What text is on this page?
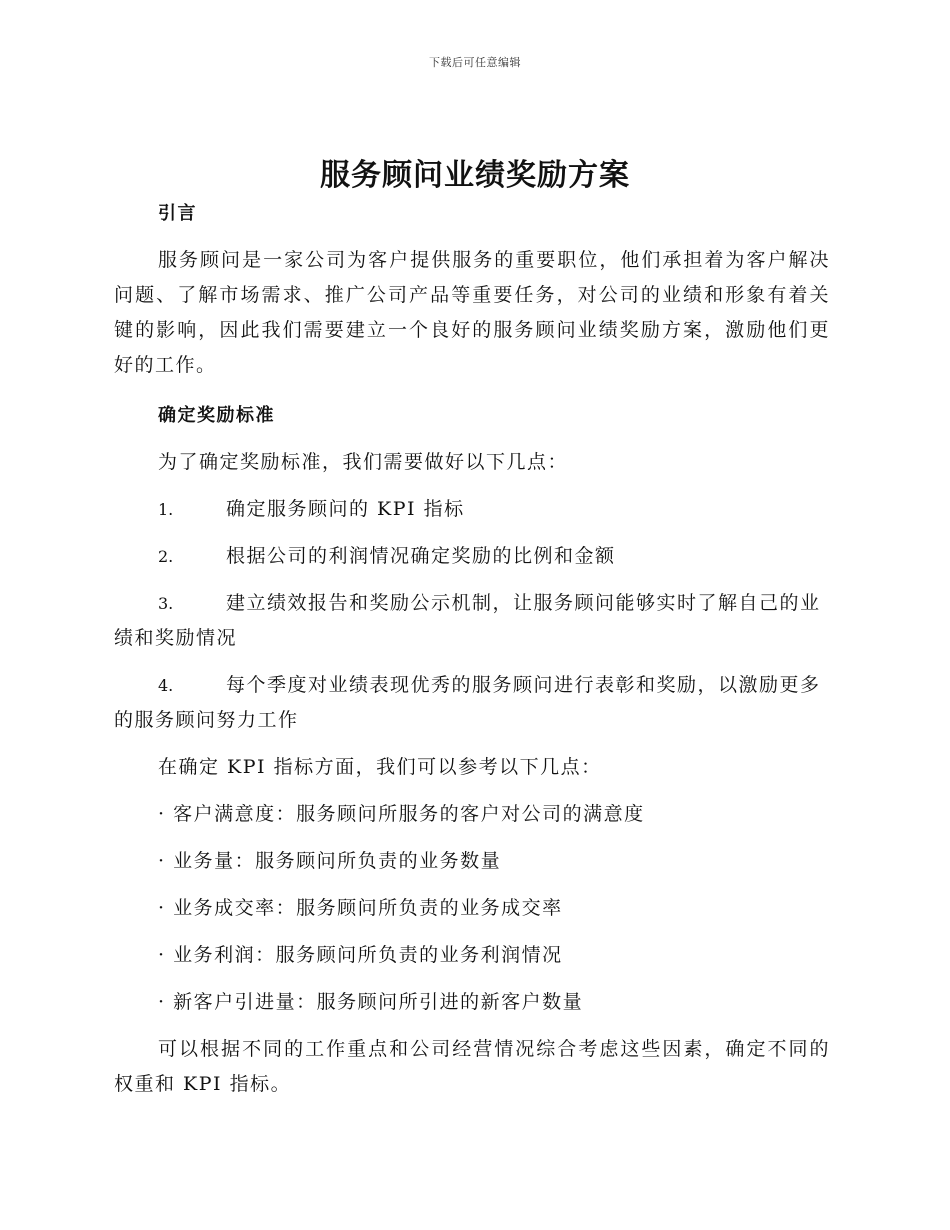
下载后可任意编辑
服务顾问业绩奖励方案

引言

服务顾问是一家公司为客户提供服务的重要职位，他们承担着为客户解决问题、了解市场需求、推广公司产品等重要任务，对公司的业绩和形象有着关键的影响，因此我们需要建立一个良好的服务顾问业绩奖励方案，激励他们更好的工作。

确定奖励标准

为了确定奖励标准，我们需要做好以下几点：

1.	确定服务顾问的 KPI 指标

2.	根据公司的利润情况确定奖励的比例和金额

3.	建立绩效报告和奖励公示机制，让服务顾问能够实时了解自己的业绩和奖励情况

4.	每个季度对业绩表现优秀的服务顾问进行表彰和奖励，以激励更多的服务顾问努力工作

在确定 KPI 指标方面，我们可以参考以下几点：

· 客户满意度：服务顾问所服务的客户对公司的满意度

· 业务量：服务顾问所负责的业务数量

· 业务成交率：服务顾问所负责的业务成交率

· 业务利润：服务顾问所负责的业务利润情况

· 新客户引进量：服务顾问所引进的新客户数量

可以根据不同的工作重点和公司经营情况综合考虑这些因素，确定不同的权重和 KPI 指标。
